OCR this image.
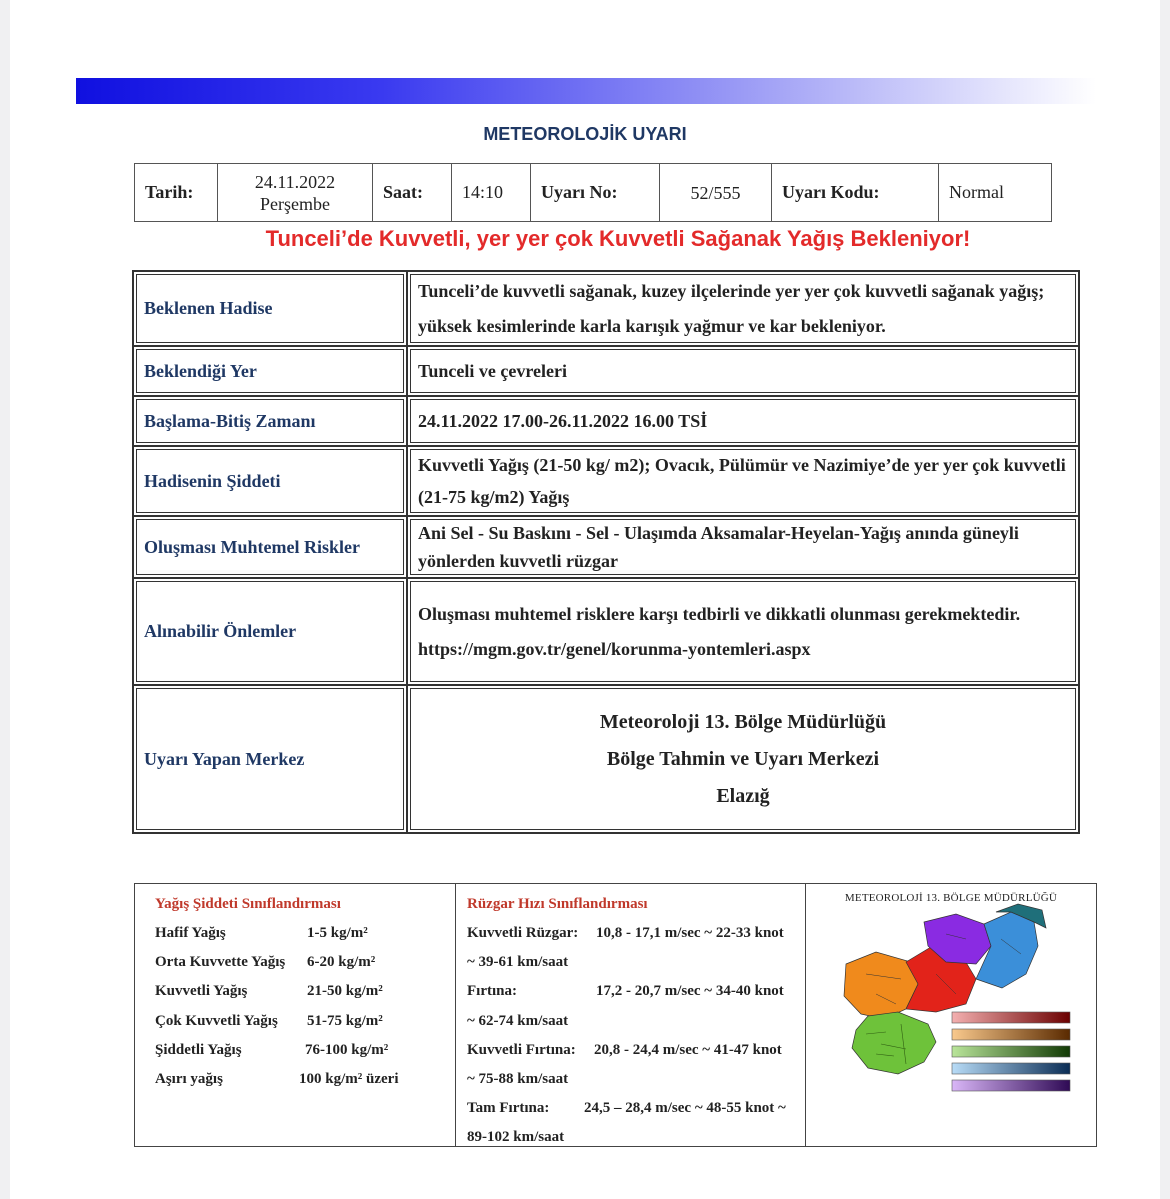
METEOROLOJİK UYARI
Tarih:	
24.11.2022
Perşembe
	Saat:	14:10	Uyarı No:	52/555	Uyarı Kodu:	Normal
Tunceli’de Kuvvetli, yer yer çok Kuvvetli Sağanak Yağış Bekleniyor!
Beklenen Hadise	Tunceli’de kuvvetli sağanak, kuzey ilçelerinde yer yer çok kuvvetli sağanak yağış; yüksek kesimlerinde karla karışık yağmur ve kar bekleniyor.
Beklendiği Yer	Tunceli ve çevreleri
Başlama-Bitiş Zamanı	24.11.2022 17.00-26.11.2022 16.00 TSİ
Hadisenin Şiddeti	Kuvvetli Yağış (21-50 kg/ m2); Ovacık, Pülümür ve Nazimiye’de yer yer çok kuvvetli (21-75 kg/m2) Yağış
Oluşması Muhtemel Riskler	Ani Sel - Su Baskını - Sel - Ulaşımda Aksamalar-Heyelan-Yağış anında güneyli yönlerden kuvvetli rüzgar
Alınabilir Önlemler	Oluşması muhtemel risklere karşı tedbirli ve dikkatli olunması gerekmektedir.
https://mgm.gov.tr/genel/korunma-yontemleri.aspx
Uyarı Yapan Merkez	Meteoroloji 13. Bölge Müdürlüğü
Bölge Tahmin ve Uyarı Merkezi
Elazığ
Yağış Şiddeti Sınıflandırması
Hafif Yağış	1-5 kg/m²
Orta Kuvvette Yağış 6-20 kg/m²
Kuvvetli Yağış	21-50 kg/m²
Çok Kuvvetli Yağış 51-75 kg/m²
Şiddetli Yağış	76-100 kg/m²
Aşırı yağış	100 kg/m² üzeri
Rüzgar Hızı Sınıflandırması
Kuvvetli Rüzgar: 10,8 - 17,1 m/sec ~ 22-33 knot
~ 39-61 km/saat
Fırtına:	17,2 - 20,7 m/sec ~ 34-40 knot
~ 62-74 km/saat
Kuvvetli Fırtına: 20,8 - 24,4 m/sec ~ 41-47 knot
~ 75-88 km/saat
Tam Fırtına: 24,5 – 28,4 m/sec ~ 48-55 knot ~
89-102 km/saat
METEOROLOJİ 13. BÖLGE MÜDÜRLÜĞÜ
